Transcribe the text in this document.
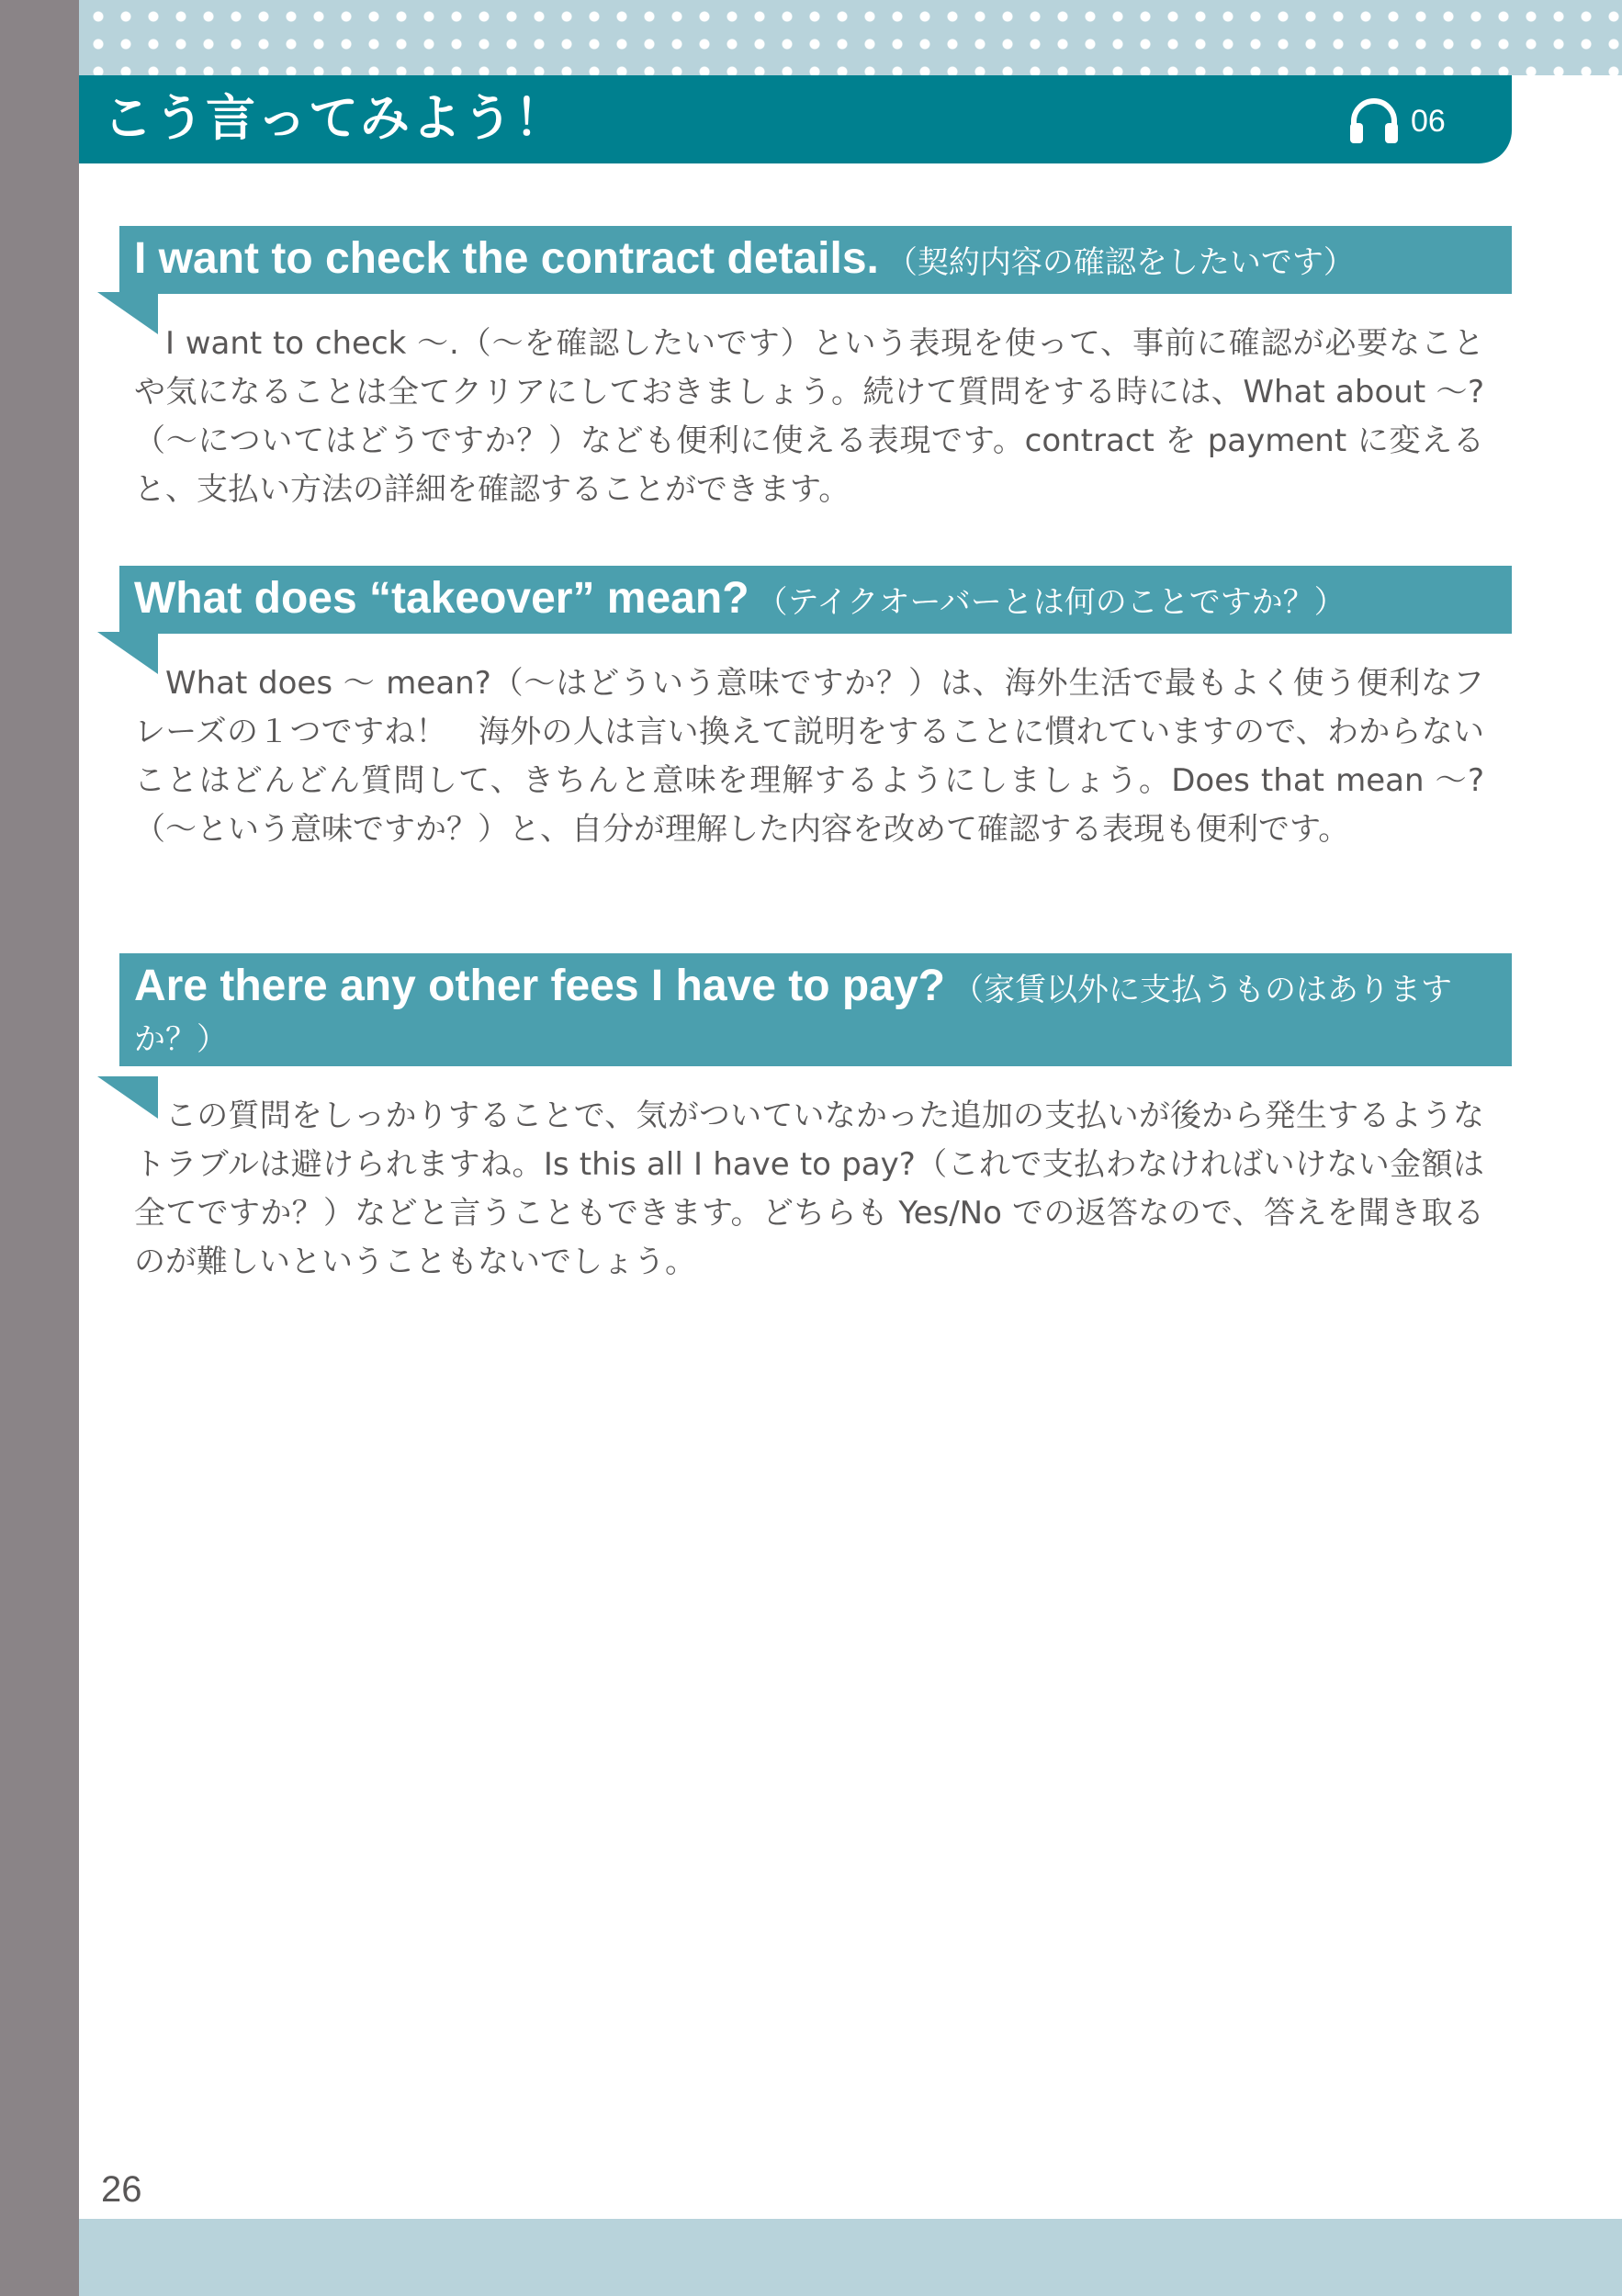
こう言ってみよう！	06
I want to check the contract details. （契約内容の確認をしたいです）
I want to check ～.（～を確認したいです）という表現を使って、事前に確認が必要なことや気になることは全てクリアにしておきましょう。続けて質問をする時には、What about ～?（～についてはどうですか？）なども便利に使える表現です。contract を payment に変えると、支払い方法の詳細を確認することができます。
What does “takeover” mean? （テイクオーバーとは何のことですか？）
What does ～ mean?（～はどういう意味ですか？）は、海外生活で最もよく使う便利なフレーズの１つですね！　海外の人は言い換えて説明をすることに慣れていますので、わからないことはどんどん質問して、きちんと意味を理解するようにしましょう。Does that mean ～?（～という意味ですか？）と、自分が理解した内容を改めて確認する表現も便利です。
Are there any other fees I have to pay? （家賃以外に支払うものはありますか？）
この質問をしっかりすることで、気がついていなかった追加の支払いが後から発生するようなトラブルは避けられますね。Is this all I have to pay?（これで支払わなければいけない金額は全てですか？）などと言うこともできます。どちらも Yes/No での返答なので、答えを聞き取るのが難しいということもないでしょう。
26
